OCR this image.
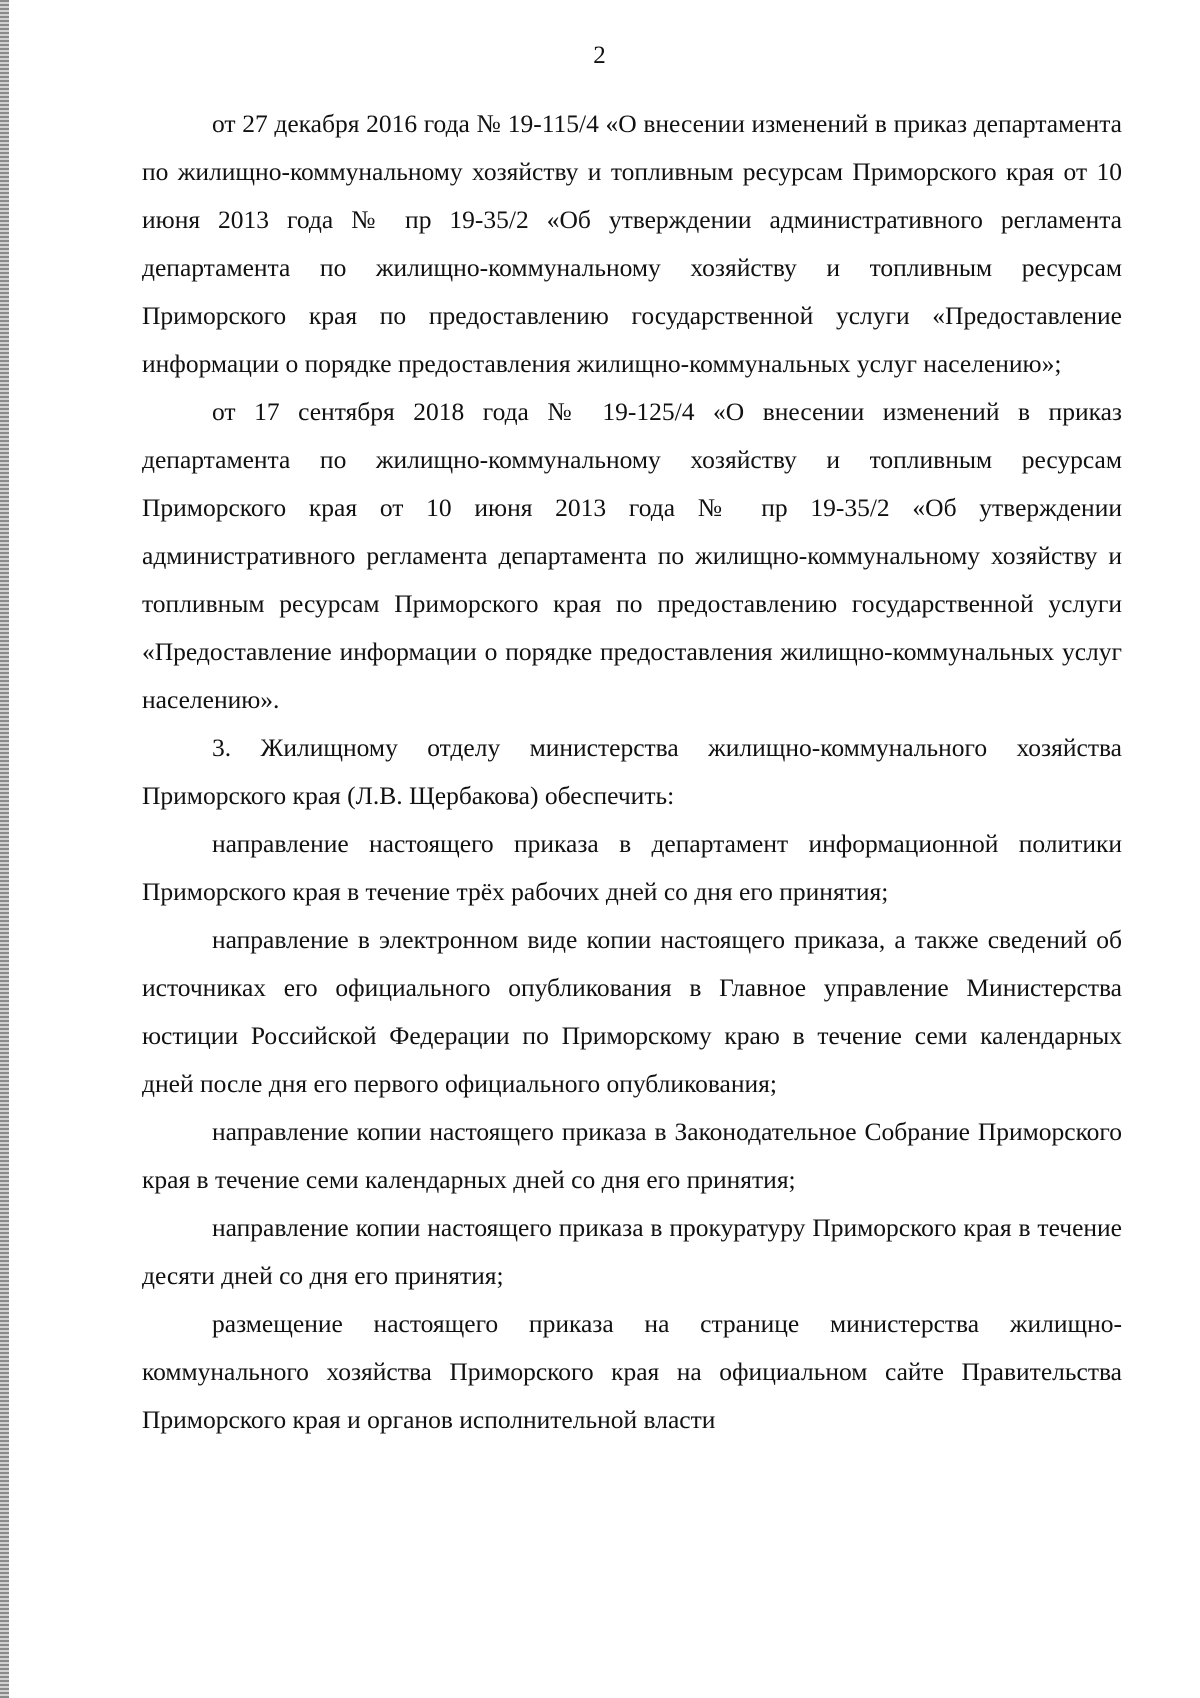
2

от 27 декабря 2016 года № 19-115/4 «О внесении изменений в приказ департамента по жилищно-коммунальному хозяйству и топливным ресурсам Приморского края от 10 июня 2013 года № пр 19-35/2 «Об утверждении административного регламента департамента по жилищно-коммунальному хозяйству и топливным ресурсам Приморского края по предоставлению государственной услуги «Предоставление информации о порядке предоставления жилищно-коммунальных услуг населению»;

от 17 сентября 2018 года № 19-125/4 «О внесении изменений в приказ департамента по жилищно-коммунальному хозяйству и топливным ресурсам Приморского края от 10 июня 2013 года № пр 19-35/2 «Об утверждении административного регламента департамента по жилищно-коммунальному хозяйству и топливным ресурсам Приморского края по предоставлению государственной услуги «Предоставление информации о порядке предоставления жилищно-коммунальных услуг населению».

3. Жилищному отделу министерства жилищно-коммунального хозяйства Приморского края (Л.В. Щербакова) обеспечить:

направление настоящего приказа в департамент информационной политики Приморского края в течение трёх рабочих дней со дня его принятия;

направление в электронном виде копии настоящего приказа, а также сведений об источниках его официального опубликования в Главное управление Министерства юстиции Российской Федерации по Приморскому краю в течение семи календарных дней после дня его первого официального опубликования;

направление копии настоящего приказа в Законодательное Собрание Приморского края в течение семи календарных дней со дня его принятия;

направление копии настоящего приказа в прокуратуру Приморского края в течение десяти дней со дня его принятия;

размещение настоящего приказа на странице министерства жилищно-коммунального хозяйства Приморского края на официальном сайте Правительства Приморского края и органов исполнительной власти
